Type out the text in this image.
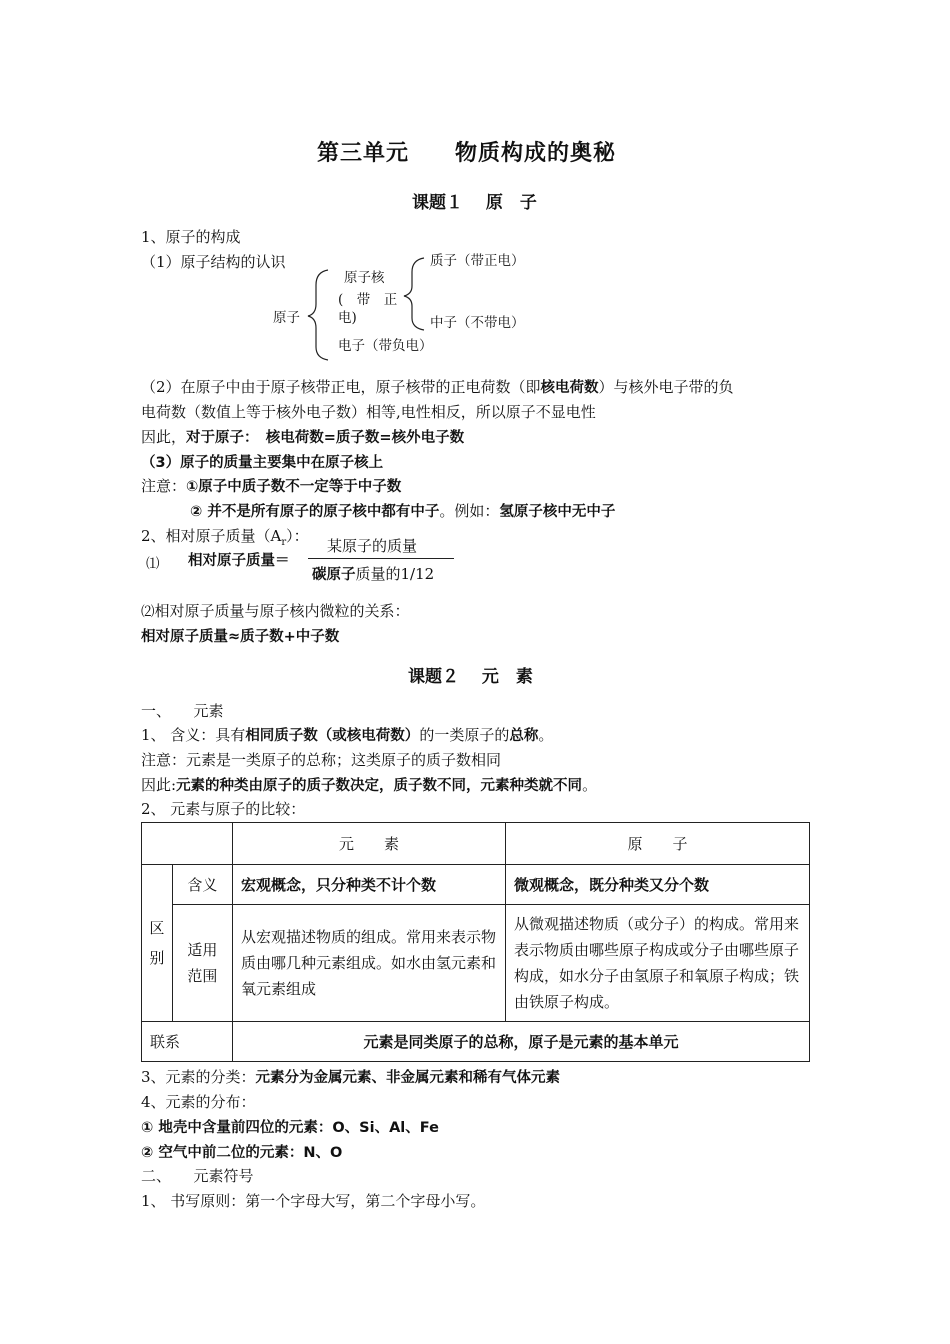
第三单元　　物质构成的奥秘
课题１　 原　子
1、原子的构成
（1）原子结构的认识
原子
原子核
(　带　正
电)
质子（带正电）
中子（不带电）
电子（带负电）
（2）在原子中由于原子核带正电，原子核带的正电荷数（即核电荷数）与核外电子带的负
电荷数（数值上等于核外电子数）相等,电性相反，所以原子不显电性
因此，对于原子：　核电荷数=质子数=核外电子数
（3）原子的质量主要集中在原子核上
注意：①原子中质子数不一定等于中子数
② 并不是所有原子的原子核中都有中子。例如：氢原子核中无中子
2、相对原子质量$(A_r)$：
⑴ 相对原子质量＝
某原子的质量
碳原子质量的1/12
⑵相对原子质量与原子核内微粒的关系：
相对原子质量≈质子数+中子数
课题２　 元　素
一、　　元素
1、 含义：具有相同质子数（或核电荷数）的一类原子的总称。
注意：元素是一类原子的总称；这类原子的质子数相同
因此:元素的种类由原子的质子数决定，质子数不同，元素种类就不同。
2、 元素与原子的比较：
		元　　素	原　　子
区别	含义	宏观概念，只分种类不计个数	微观概念，既分种类又分个数
	适用范围	从宏观描述物质的组成。常用来表示物质由哪几种元素组成。如水由氢元素和氧元素组成	从微观描述物质（或分子）的构成。常用来表示物质由哪些原子构成或分子由哪些原子构成，如水分子由氢原子和氧原子构成；铁由铁原子构成。
联系		元素是同类原子的总称，原子是元素的基本单元	
3、元素的分类：元素分为金属元素、非金属元素和稀有气体元素
4、元素的分布：
① 地壳中含量前四位的元素：O、Si、Al、Fe
② 空气中前二位的元素：N、O
二、　　元素符号
1、 书写原则：第一个字母大写，第二个字母小写。
